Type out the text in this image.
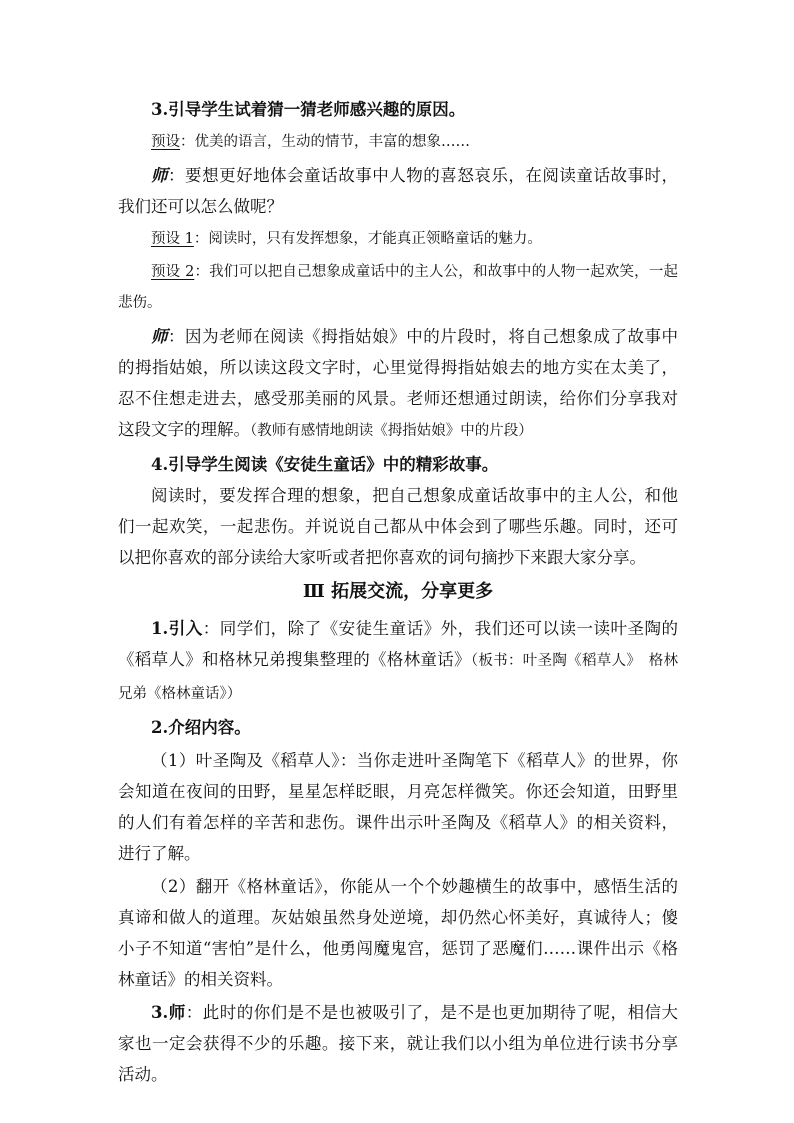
3.引导学生试着猜一猜老师感兴趣的原因。

预设：优美的语言，生动的情节，丰富的想象……

师：要想更好地体会童话故事中人物的喜怒哀乐，在阅读童话故事时，我们还可以怎么做呢？

预设 1：阅读时，只有发挥想象，才能真正领略童话的魅力。

预设 2：我们可以把自己想象成童话中的主人公，和故事中的人物一起欢笑，一起悲伤。

师：因为老师在阅读《拇指姑娘》中的片段时，将自己想象成了故事中的拇指姑娘，所以读这段文字时，心里觉得拇指姑娘去的地方实在太美了，忍不住想走进去，感受那美丽的风景。老师还想通过朗读，给你们分享我对这段文字的理解。（教师有感情地朗读《拇指姑娘》中的片段）

4.引导学生阅读《安徒生童话》中的精彩故事。

阅读时，要发挥合理的想象，把自己想象成童话故事中的主人公，和他们一起欢笑，一起悲伤。并说说自己都从中体会到了哪些乐趣。同时，还可以把你喜欢的部分读给大家听或者把你喜欢的词句摘抄下来跟大家分享。

Ⅲ 拓展交流，分享更多

1.引入：同学们，除了《安徒生童话》外，我们还可以读一读叶圣陶的《稻草人》和格林兄弟搜集整理的《格林童话》（板书：叶圣陶《稻草人》　格林兄弟《格林童话》）

2.介绍内容。

（1）叶圣陶及《稻草人》：当你走进叶圣陶笔下《稻草人》的世界，你会知道在夜间的田野，星星怎样眨眼，月亮怎样微笑。你还会知道，田野里的人们有着怎样的辛苦和悲伤。课件出示叶圣陶及《稻草人》的相关资料，进行了解。

（2）翻开《格林童话》，你能从一个个妙趣横生的故事中，感悟生活的真谛和做人的道理。灰姑娘虽然身处逆境，却仍然心怀美好，真诚待人；傻小子不知道“害怕”是什么，他勇闯魔鬼宫，惩罚了恶魔们……课件出示《格林童话》的相关资料。

3.师：此时的你们是不是也被吸引了，是不是也更加期待了呢，相信大家也一定会获得不少的乐趣。接下来，就让我们以小组为单位进行读书分享活动。
